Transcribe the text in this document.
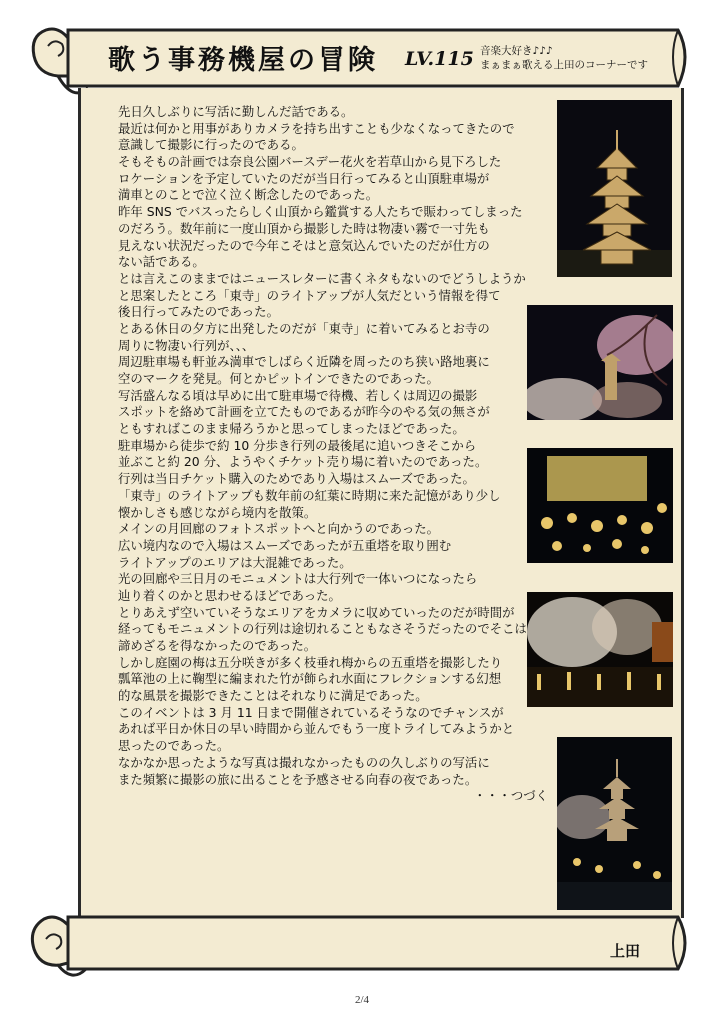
歌う事務機屋の冒険 LV.115 音楽大好き♪♪♪
まぁまぁ歌える上田のコーナーです
先日久しぶりに写活に勤しんだ話である。
最近は何かと用事がありカメラを持ち出すことも少なくなってきたので
意識して撮影に行ったのである。
そもそもの計画では奈良公園バースデー花火を若草山から見下ろした
ロケーションを予定していたのだが当日行ってみると山頂駐車場が
満車とのことで泣く泣く断念したのであった。
昨年 SNS でバスったらしく山頂から鑑賞する人たちで賑わってしまった
のだろう。数年前に一度山頂から撮影した時は物凄い霧で一寸先も
見えない状況だったので今年こそはと意気込んでいたのだが仕方の
ない話である。
とは言えこのままではニュースレターに書くネタもないのでどうしようか
と思案したところ「東寺」のライトアップが人気だという情報を得て
後日行ってみたのであった。
とある休日の夕方に出発したのだが「東寺」に着いてみるとお寺の
周りに物凄い行列が、、、
周辺駐車場も軒並み満車でしばらく近隣を周ったのち狭い路地裏に
空のマークを発見。何とかピットインできたのであった。
写活盛んなる頃は早めに出て駐車場で待機、若しくは周辺の撮影
スポットを絡めて計画を立てたものであるが昨今のやる気の無さが
ともすればこのまま帰ろうかと思ってしまったほどであった。
駐車場から徒歩で約 10 分歩き行列の最後尾に追いつきそこから
並ぶこと約 20 分、ようやくチケット売り場に着いたのであった。
行列は当日チケット購入のためであり入場はスムーズであった。
「東寺」のライトアップも数年前の紅葉に時期に来た記憶があり少し
懐かしさも感じながら境内を散策。
メインの月回廊のフォトスポットへと向かうのであった。
広い境内なので入場はスムーズであったが五重塔を取り囲む
ライトアップのエリアは大混雑であった。
光の回廊や三日月のモニュメントは大行列で一体いつになったら
辿り着くのかと思わせるほどであった。
とりあえず空いていそうなエリアをカメラに収めていったのだが時間が
経ってもモニュメントの行列は途切れることもなさそうだったのでそこは
諦めざるを得なかったのであった。
しかし庭園の梅は五分咲きが多く枝垂れ梅からの五重塔を撮影したり
瓢箪池の上に鞠型に編まれた竹が飾られ水面にフレクションする幻想
的な風景を撮影できたことはそれなりに満足であった。
このイベントは 3 月 11 日まで開催されているそうなのでチャンスが
あれば平日か休日の早い時間から並んでもう一度トライしてみようかと
思ったのであった。
なかなか思ったような写真は撮れなかったものの久しぶりの写活に
また頻繁に撮影の旅に出ることを予感させる向春の夜であった。
・・・つづく
上田
2/4
